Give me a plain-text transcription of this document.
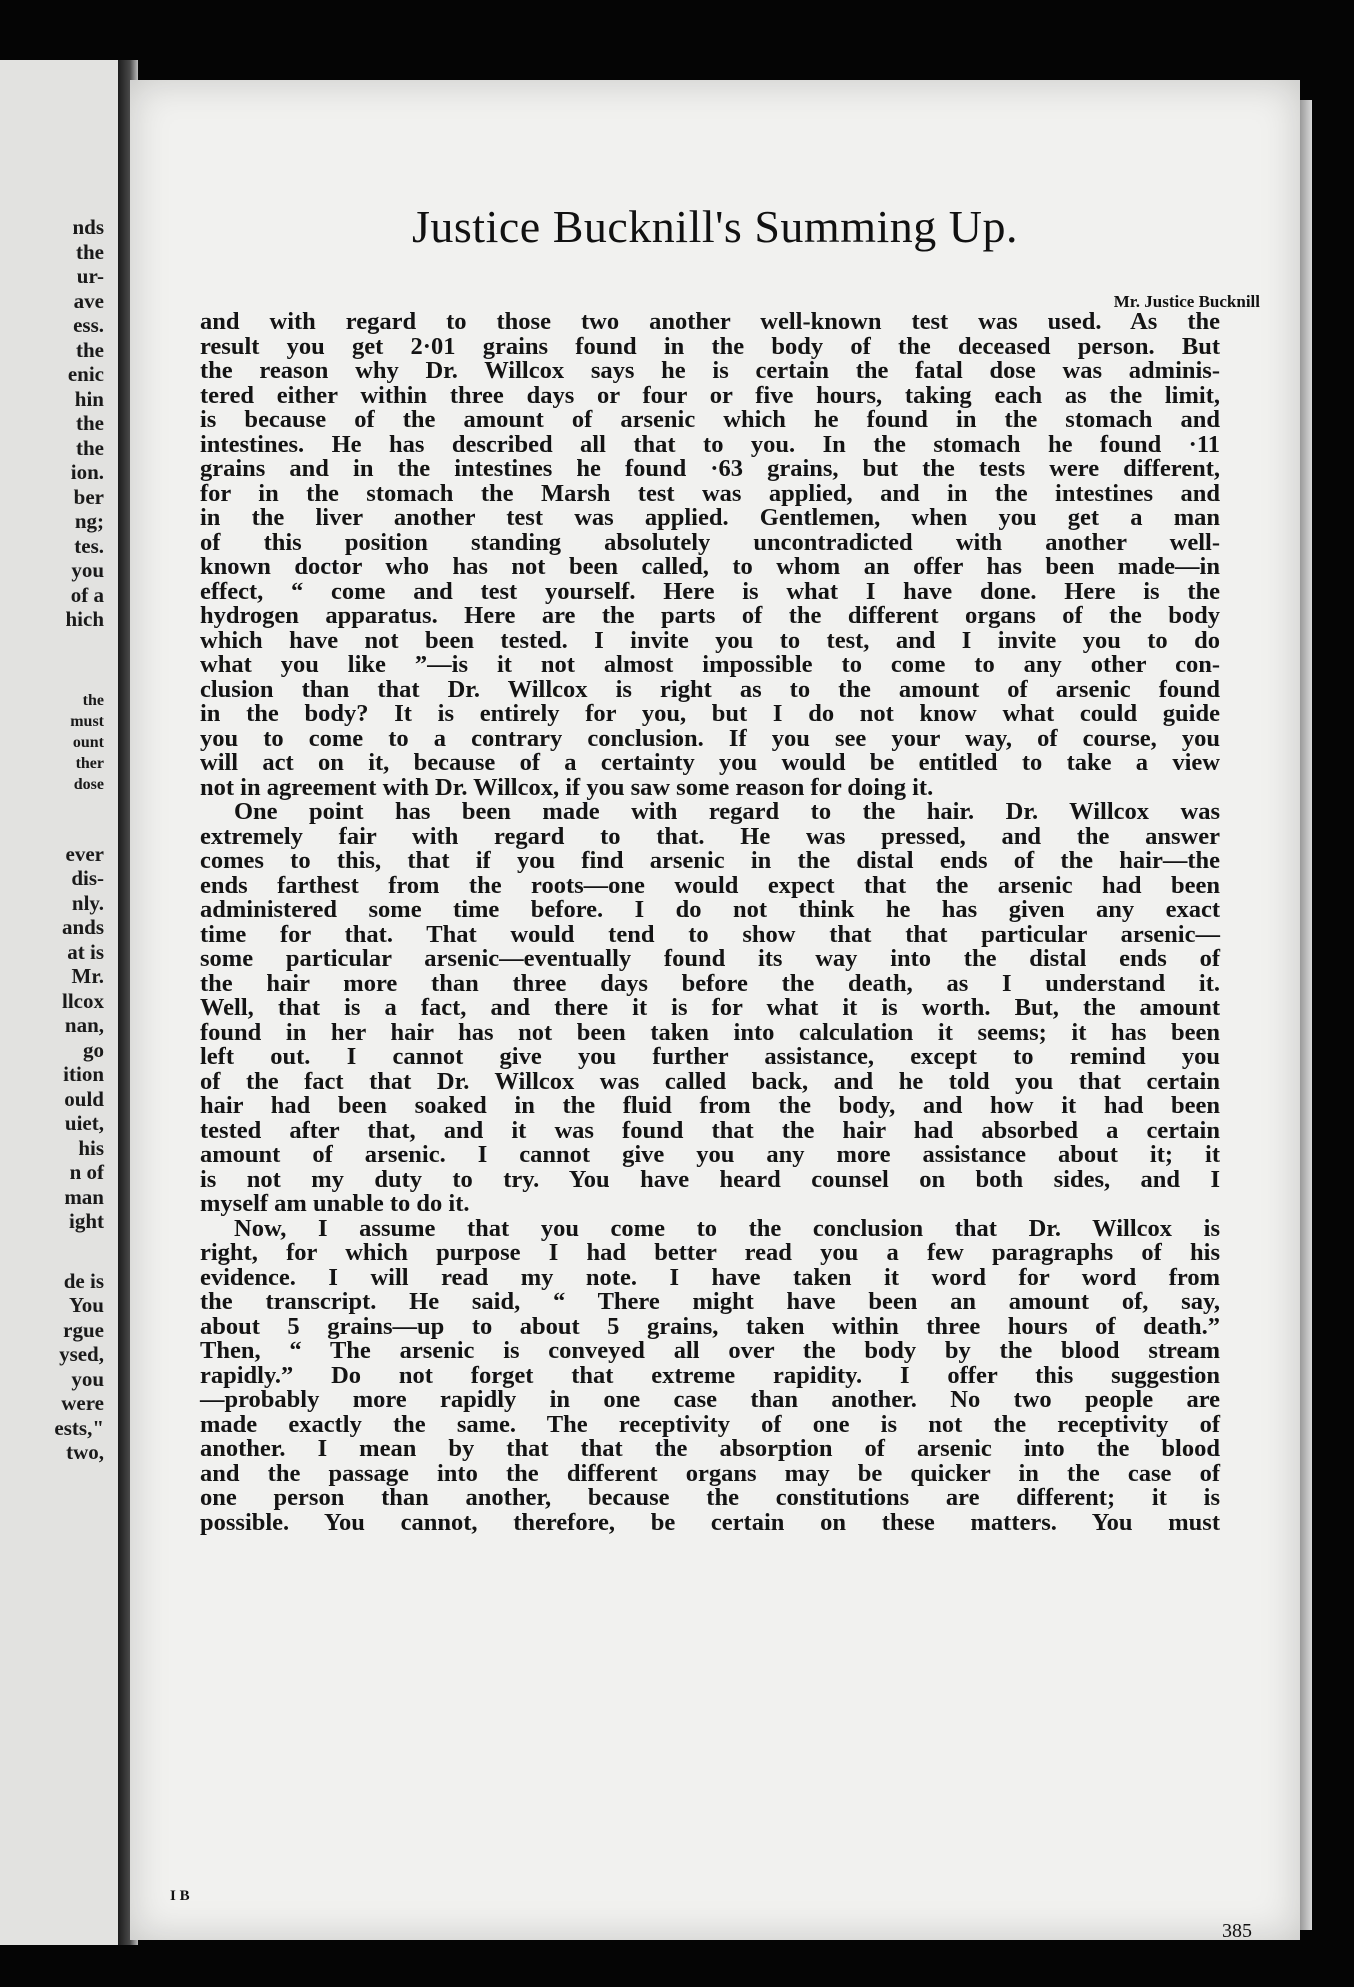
nds
the
ur-
ave
ess.
the
enic
hin
the
the
ion.
ber
ng;
tes.
you
of a
hich
the
must
ount
ther
dose
ever
dis-
nly.
ands
at is
Mr.
llcox
nan,
go
ition
ould
uiet,
his
n of
man
ight
de is
You
rgue
ysed,
you
were
ests,"
two,
Justice Bucknill's Summing Up.
Mr. Justice Bucknill
and with regard to those two another well-known test was used. As the
result you get 2·01 grains found in the body of the deceased person. But
the reason why Dr. Willcox says he is certain the fatal dose was adminis-
tered either within three days or four or five hours, taking each as the limit,
is because of the amount of arsenic which he found in the stomach and
intestines. He has described all that to you. In the stomach he found ·11
grains and in the intestines he found ·63 grains, but the tests were different,
for in the stomach the Marsh test was applied, and in the intestines and
in the liver another test was applied. Gentlemen, when you get a man
of this position standing absolutely uncontradicted with another well-
known doctor who has not been called, to whom an offer has been made—in
effect, “ come and test yourself. Here is what I have done. Here is the
hydrogen apparatus. Here are the parts of the different organs of the body
which have not been tested. I invite you to test, and I invite you to do
what you like ”—is it not almost impossible to come to any other con-
clusion than that Dr. Willcox is right as to the amount of arsenic found
in the body? It is entirely for you, but I do not know what could guide
you to come to a contrary conclusion. If you see your way, of course, you
will act on it, because of a certainty you would be entitled to take a view
not in agreement with Dr. Willcox, if you saw some reason for doing it.
One point has been made with regard to the hair. Dr. Willcox was
extremely fair with regard to that. He was pressed, and the answer
comes to this, that if you find arsenic in the distal ends of the hair—the
ends farthest from the roots—one would expect that the arsenic had been
administered some time before. I do not think he has given any exact
time for that. That would tend to show that that particular arsenic—
some particular arsenic—eventually found its way into the distal ends of
the hair more than three days before the death, as I understand it.
Well, that is a fact, and there it is for what it is worth. But, the amount
found in her hair has not been taken into calculation it seems; it has been
left out. I cannot give you further assistance, except to remind you
of the fact that Dr. Willcox was called back, and he told you that certain
hair had been soaked in the fluid from the body, and how it had been
tested after that, and it was found that the hair had absorbed a certain
amount of arsenic. I cannot give you any more assistance about it; it
is not my duty to try. You have heard counsel on both sides, and I
myself am unable to do it.
Now, I assume that you come to the conclusion that Dr. Willcox is
right, for which purpose I had better read you a few paragraphs of his
evidence. I will read my note. I have taken it word for word from
the transcript. He said, “ There might have been an amount of, say,
about 5 grains—up to about 5 grains, taken within three hours of death.”
Then, “ The arsenic is conveyed all over the body by the blood stream
rapidly.” Do not forget that extreme rapidity. I offer this suggestion
—probably more rapidly in one case than another. No two people are
made exactly the same. The receptivity of one is not the receptivity of
another. I mean by that that the absorption of arsenic into the blood
and the passage into the different organs may be quicker in the case of
one person than another, because the constitutions are different; it is
possible. You cannot, therefore, be certain on these matters. You must
I B
385
